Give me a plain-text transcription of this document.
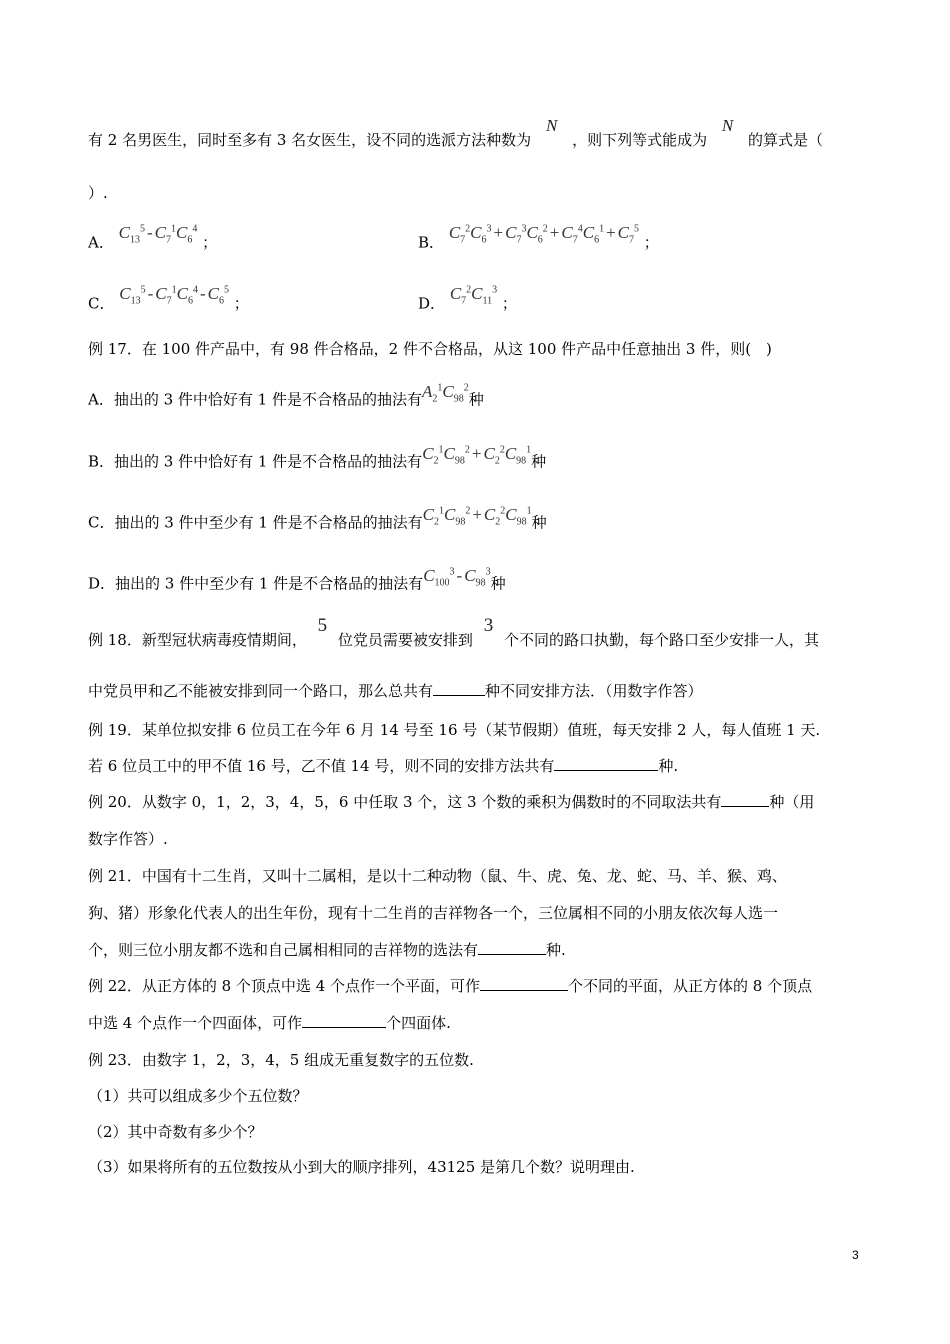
有 2 名男医生，同时至多有 3 名女医生，设不同的选派方法种数为 N ，则下列等式能成为 N 的算式是（
）.
A． $C_{13}^5 - C_7^1C_6^4$ ；	B． $C_7^2C_6^3 + C_7^3C_6^2 + C_7^4C_6^1 + C_7^5$ ；
C． $C_{13}^5 - C_7^1C_6^4 - C_6^5$ ；	D． $C_7^2C_{11}^3$ ；
例 17．在 100 件产品中，有 98 件合格品，2 件不合格品，从这 100 件产品中任意抽出 3 件，则(　)
A．抽出的 3 件中恰好有 1 件是不合格品的抽法有$A_2^1C_{98}^2$种
B．抽出的 3 件中恰好有 1 件是不合格品的抽法有$C_2^1C_{98}^2 + C_2^2C_{98}^1$种
C．抽出的 3 件中至少有 1 件是不合格品的抽法有$C_2^1C_{98}^2 + C_2^2C_{98}^1$种
D．抽出的 3 件中至少有 1 件是不合格品的抽法有$C_{100}^3 - C_{98}^3$种
例 18．新型冠状病毒疫情期间， 5 位党员需要被安排到 3 个不同的路口执勤，每个路口至少安排一人，其
中党员甲和乙不能被安排到同一个路口，那么总共有	种不同安排方法．（用数字作答）
例 19．某单位拟安排 6 位员工在今年 6 月 14 号至 16 号（某节假期）值班，每天安排 2 人，每人值班 1 天.
若 6 位员工中的甲不值 16 号，乙不值 14 号，则不同的安排方法共有	种.
例 20．从数字 0，1，2，3，4，5，6 中任取 3 个，这 3 个数的乘积为偶数时的不同取法共有	种（用
数字作答）.
例 21．中国有十二生肖，又叫十二属相，是以十二种动物（鼠、牛、虎、兔、龙、蛇、马、羊、猴、鸡、
狗、猪）形象化代表人的出生年份，现有十二生肖的吉祥物各一个，三位属相不同的小朋友依次每人选一
个，则三位小朋友都不选和自己属相相同的吉祥物的选法有	种.
例 22．从正方体的 8 个顶点中选 4 个点作一个平面，可作	个不同的平面，从正方体的 8 个顶点
中选 4 个点作一个四面体，可作	个四面体.
例 23．由数字 1，2，3，4，5 组成无重复数字的五位数.
（1）共可以组成多少个五位数？
（2）其中奇数有多少个？
（3）如果将所有的五位数按从小到大的顺序排列，43125 是第几个数？说明理由.
3
